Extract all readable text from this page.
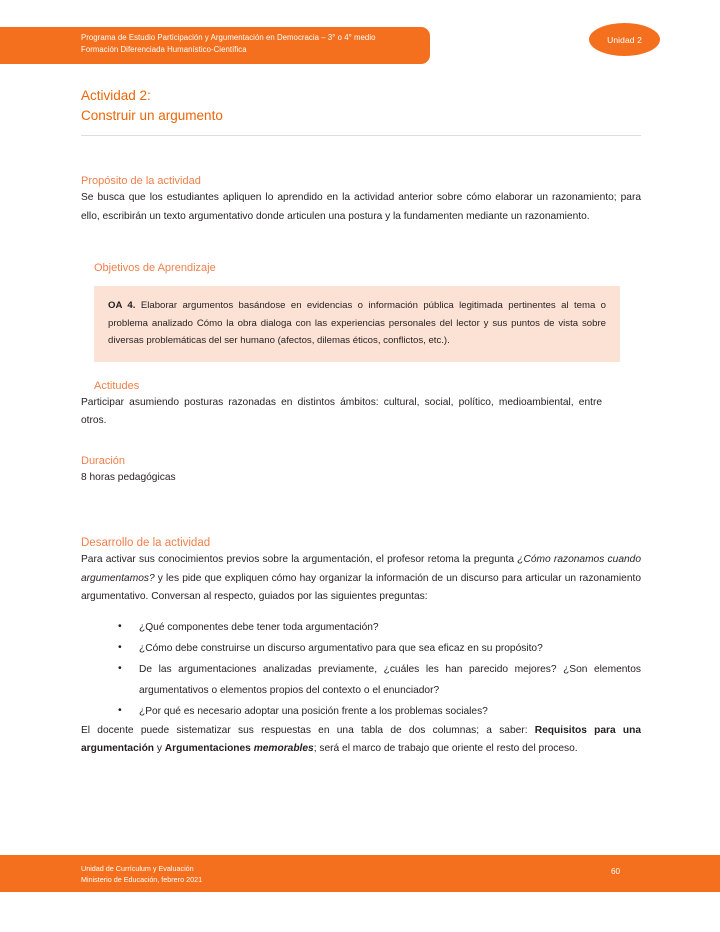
Programa de Estudio Participación y Argumentación en Democracia – 3° o 4° medio
Formación Diferenciada Humanístico-Científica
Unidad 2
Actividad 2:
Construir un argumento
Propósito de la actividad

Se busca que los estudiantes apliquen lo aprendido en la actividad anterior sobre cómo elaborar un razonamiento; para ello, escribirán un texto argumentativo donde articulen una postura y la fundamenten mediante un razonamiento.

Objetivos de Aprendizaje

OA 4. Elaborar argumentos basándose en evidencias o información pública legitimada pertinentes al tema o problema analizado Cómo la obra dialoga con las experiencias personales del lector y sus puntos de vista sobre diversas problemáticas del ser humano (afectos, dilemas éticos, conflictos, etc.).

Actitudes

Participar asumiendo posturas razonadas en distintos ámbitos: cultural, social, político, medioambiental, entre otros.

Duración

8 horas pedagógicas

Desarrollo de la actividad

Para activar sus conocimientos previos sobre la argumentación, el profesor retoma la pregunta ¿Cómo razonamos cuando argumentamos? y les pide que expliquen cómo hay organizar la información de un discurso para articular un razonamiento argumentativo. Conversan al respecto, guiados por las siguientes preguntas:

• ¿Qué componentes debe tener toda argumentación?
• ¿Cómo debe construirse un discurso argumentativo para que sea eficaz en su propósito?
• De las argumentaciones analizadas previamente, ¿cuáles les han parecido mejores? ¿Son elementos argumentativos o elementos propios del contexto o el enunciador?
• ¿Por qué es necesario adoptar una posición frente a los problemas sociales?

El docente puede sistematizar sus respuestas en una tabla de dos columnas; a saber: Requisitos para una argumentación y Argumentaciones memorables; será el marco de trabajo que oriente el resto del proceso.

Unidad de Currículum y Evaluación
Ministerio de Educación, febrero 2021
60
